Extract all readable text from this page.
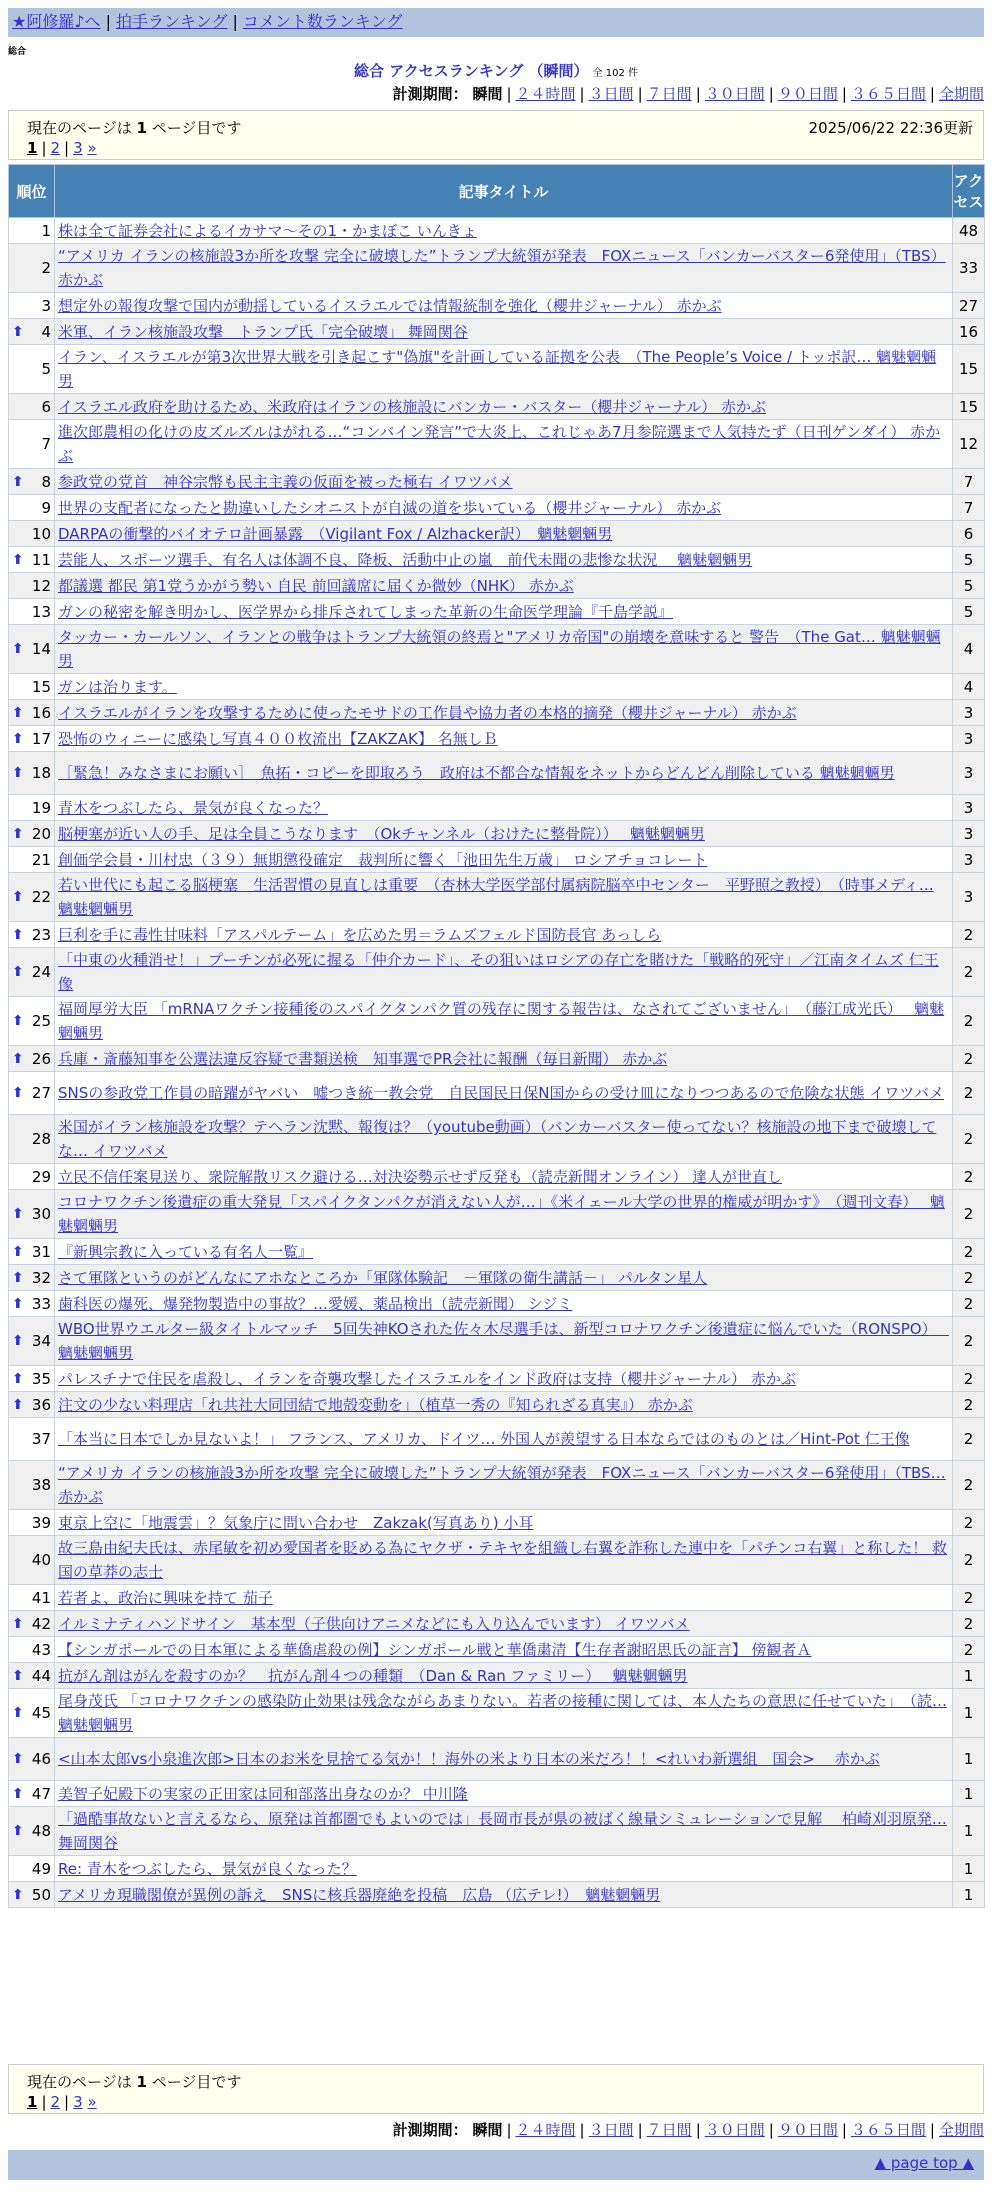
★阿修羅♪へ | 拍手ランキング | コメント数ランキング
総合
総合 アクセスランキング （瞬間） 全 102 件
計測期間： 瞬間 | ２４時間 | ３日間 | ７日間 | ３０日間 | ９０日間 | ３６５日間 | 全期間
現在のページは 1 ページ目です	2025/06/22 22:36更新
1 | 2 | 3 »
順位	記事タイトル	アクセス
1	株は全て証券会社によるイカサマ〜その1・かまぼこ いんきょ	48
2	“アメリカ イランの核施設3か所を攻撃 完全に破壊した”トランプ大統領が発表　FOXニュース「バンカーバスター6発使用」（TBS） 赤かぶ	33
3	想定外の報復攻撃で国内が動揺しているイスラエルでは情報統制を強化（櫻井ジャーナル） 赤かぶ	27

⬆ 4	米軍、イラン核施設攻撃　トランプ氏「完全破壊」 舞岡関谷	16
5	イラン、イスラエルが第3次世界大戦を引き起こす"偽旗"を計画している証拠を公表　（The People’s Voice / トッポ訳… 魑魅魍魎男	15
6	イスラエル政府を助けるため、米政府はイランの核施設にバンカー・バスター（櫻井ジャーナル） 赤かぶ	15
7	進次郎農相の化けの皮ズルズルはがれる…“コンバイン発言”で大炎上、これじゃあ7月参院選まで人気持たず（日刊ゲンダイ） 赤かぶ	12

⬆ 8	参政党の党首　神谷宗幣も民主主義の仮面を被った極右 イワツバメ	7
9	世界の支配者になったと勘違いしたシオニストが自滅の道を歩いている（櫻井ジャーナル） 赤かぶ	7
10	DARPAの衝撃的バイオテロ計画暴露　（Vigilant Fox / Alzhacker訳）　魑魅魍魎男	6

⬆ 11	芸能人、スポーツ選手、有名人は体調不良、降板、活動中止の嵐　前代未聞の悲惨な状況　 魑魅魍魎男	5
12	都議選 都民 第1党うかがう勢い 自民 前回議席に届くか微妙（NHK） 赤かぶ	5
13	ガンの秘密を解き明かし、医学界から排斥されてしまった革新の生命医学理論『千島学説』	5

⬆ 14	タッカー・カールソン、イランとの戦争はトランプ大統領の終焉と"アメリカ帝国"の崩壊を意味すると 警告　（The Gat… 魑魅魍魎男	4
15	ガンは治ります。	4

⬆ 16	イスラエルがイランを攻撃するために使ったモサドの工作員や協力者の本格的摘発（櫻井ジャーナル） 赤かぶ	3

⬆ 17	恐怖のウィニーに感染し写真４００枚流出【ZAKZAK】 名無しＢ	3

⬆ 18	［緊急！みなさまにお願い］　魚拓・コピーを即取ろう　政府は不都合な情報をネットからどんどん削除している 魑魅魍魎男	3
19	青木をつぶしたら、景気が良くなった？	3

⬆ 20	脳梗塞が近い人の手、足は全員こうなります　（Okチャンネル（おけたに整骨院））　 魑魅魍魎男	3
21	創価学会員・川村忠（３９）無期懲役確定　裁判所に響く「池田先生万歳」 ロシアチョコレート	3

⬆ 22	若い世代にも起こる脳梗塞　生活習慣の見直しは重要　（杏林大学医学部付属病院脳卒中センター　平野照之教授）　（時事メディ… 魑魅魍魎男	3

⬆ 23	巨利を手に毒性甘味料「アスパルテーム」を広めた男＝ラムズフェルド国防長官 あっしら	2

⬆ 24	「中東の火種消せ！」プーチンが必死に握る「仲介カード」、その狙いはロシアの存亡を賭けた「戦略的死守」／江南タイムズ 仁王像	2

⬆ 25	福岡厚労大臣 「mRNAワクチン接種後のスパイクタンパク質の残存に関する報告は、なされてございません」　（藤江成光氏）　 魑魅魍魎男	2

⬆ 26	兵庫・斎藤知事を公選法違反容疑で書類送検　知事選でPR会社に報酬（毎日新聞） 赤かぶ	2

⬆ 27	SNSの参政党工作員の暗躍がヤバい　嘘つき統一教会党　自民国民日保N国からの受け皿になりつつあるので危険な状態 イワツバメ	2
28	米国がイラン核施設を攻撃？テヘラン沈黙、報復は？（youtube動画）（バンカーバスター使ってない？核施設の地下まで破壊してな… イワツバメ	2
29	立民不信任案見送り、衆院解散リスク避ける…対決姿勢示せず反発も（読売新聞オンライン） 達人が世直し	2

⬆ 30	コロナワクチン後遺症の重大発見「スパイクタンパクが消えない人が…」《米イェール大学の世界的権威が明かす》　（週刊文春）　 魑魅魍魎男	2

⬆ 31	『新興宗教に入っている有名人一覧』	2

⬆ 32	さて軍隊というのがどんなにアホなところか「軍隊体験記　－軍隊の衛生講話－」 パルタン星人	2

⬆ 33	歯科医の爆死、爆発物製造中の事故？…愛媛、薬品検出（読売新聞） シジミ	2

⬆ 34	WBO世界ウエルター級タイトルマッチ　5回失神KOされた佐々木尽選手は、新型コロナワクチン後遺症に悩んでいた（RONSPO）　 魑魅魍魎男	2

⬆ 35	パレスチナで住民を虐殺し、イランを奇襲攻撃したイスラエルをインド政府は支持（櫻井ジャーナル） 赤かぶ	2

⬆ 36	注文の少ない料理店「れ共社大同団結で地殻変動を」（植草一秀の『知られざる真実』） 赤かぶ	2
37	「本当に日本でしか見ないよ！」 フランス、アメリカ、ドイツ… 外国人が羨望する日本ならではのものとは／Hint-Pot 仁王像	2
38	“アメリカ イランの核施設3か所を攻撃 完全に破壊した”トランプ大統領が発表　FOXニュース「バンカーバスター6発使用」（TBS… 赤かぶ	2
39	東京上空に「地震雲」？気象庁に問い合わせ　Zakzak(写真あり) 小耳	2
40	故三島由紀夫氏は、赤尾敏を初め愛国者を貶める為にヤクザ・テキヤを組織し右翼を詐称した連中を「パチンコ右翼」と称した！ 救国の草莽の志士	2
41	若者よ、政治に興味を持て 茄子	2

⬆ 42	イルミナティハンドサイン　基本型（子供向けアニメなどにも入り込んでいます） イワツバメ	2
43	【シンガポールでの日本軍による華僑虐殺の例】シンガポール戦と華僑粛清【生存者謝昭思氏の証言】 傍観者Ａ	2

⬆ 44	抗がん剤はがんを殺すのか？　抗がん剤４つの種類　（Dan & Ran ファミリー）　 魑魅魍魎男	1

⬆ 45	尾身茂氏 「コロナワクチンの感染防止効果は残念ながらあまりない。若者の接種に関しては、本人たちの意思に任せていた」　（読… 魑魅魍魎男	1

⬆ 46	<山本太郎vs小泉進次郎>日本のお米を見捨てる気か！！海外の米より日本の米だろ！！<れいわ新選組　国会>　 赤かぶ	1

⬆ 47	美智子妃殿下の実家の正田家は同和部落出身なのか？ 中川隆	1

⬆ 48	「過酷事故ないと言えるなら、原発は首都圏でもよいのでは」長岡市長が県の被ばく線量シミュレーションで見解　 柏崎刈羽原発… 舞岡関谷	1
49	Re: 青木をつぶしたら、景気が良くなった？	1

⬆ 50	アメリカ現職閣僚が異例の訴え　SNSに核兵器廃絶を投稿　広島 （広テレ!）　魑魅魍魎男	1
現在のページは 1 ページ目です
1 | 2 | 3 »
計測期間： 瞬間 | ２４時間 | ３日間 | ７日間 | ３０日間 | ９０日間 | ３６５日間 | 全期間
▲ page top ▲
